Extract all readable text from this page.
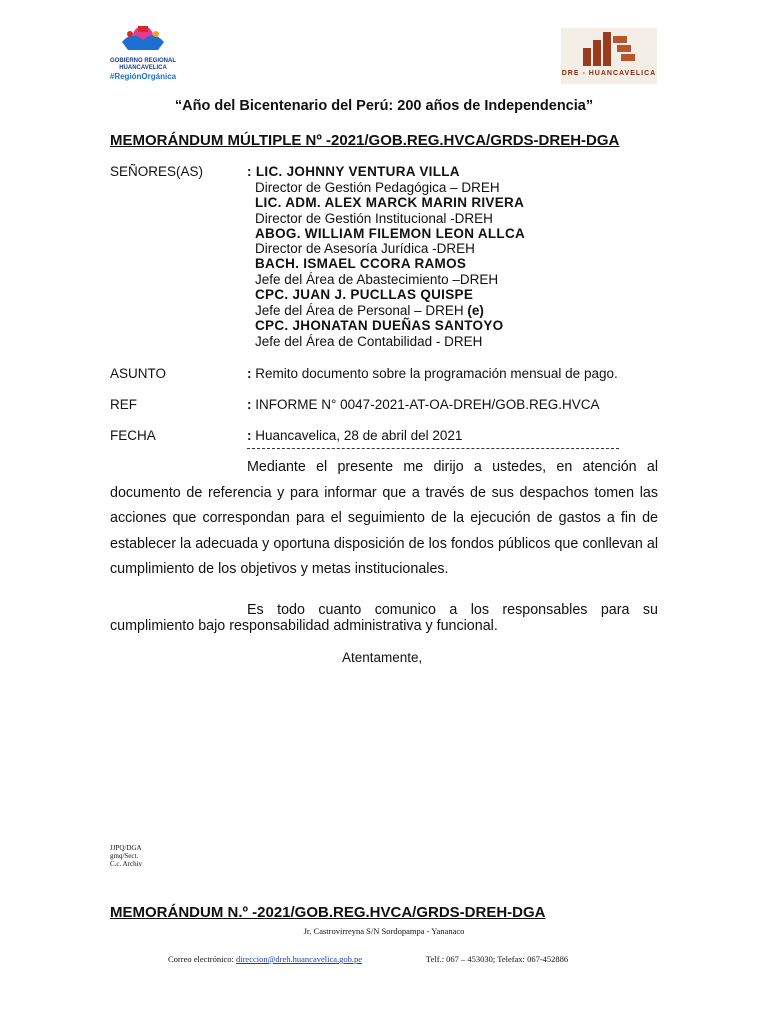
GOBIERNO REGIONAL HUANCAVELICA
#RegiónOrgánica	DRE - HUANCAVELICA
“Año del Bicentenario del Perú: 200 años de Independencia”
MEMORÁNDUM MÚLTIPLE Nº -2021/GOB.REG.HVCA/GRDS-DREH-DGA
SEÑORES(AS)	: LIC. JOHNNY VENTURA VILLA
Director de Gestión Pedagógica – DREH
LIC. ADM. ALEX MARCK MARIN RIVERA
Director de Gestión Institucional -DREH
ABOG. WILLIAM FILEMON LEON ALLCA
Director de Asesoría Jurídica -DREH
BACH. ISMAEL CCORA RAMOS
Jefe del Área de Abastecimiento –DREH
CPC. JUAN J. PUCLLAS QUISPE
Jefe del Área de Personal – DREH (e)
CPC. JHONATAN DUEÑAS SANTOYO
Jefe del Área de Contabilidad - DREH
ASUNTO	: Remito documento sobre la programación mensual de pago.
REF	: INFORME N° 0047-2021-AT-OA-DREH/GOB.REG.HVCA
FECHA	: Huancavelica, 28 de abril del 2021
Mediante el presente me dirijo a ustedes, en atención al documento de referencia y para informar que a través de sus despachos tomen las acciones que correspondan para el seguimiento de la ejecución de gastos a fin de establecer la adecuada y oportuna disposición de los fondos públicos que conllevan al cumplimiento de los objetivos y metas institucionales.
Es todo cuanto comunico a los responsables para su cumplimiento bajo responsabilidad administrativa y funcional.
Atentamente,
JJPQ/DGA
gmq/Sect.
C.c. Archiv
MEMORÁNDUM N.º -2021/GOB.REG.HVCA/GRDS-DREH-DGA
Jr. Castrovirreyna S/N Sordopampa - Yananaco
Correo electrónico: direccion@dreh.huancavelica.gob.pe	Telf.: 067 – 453030; Telefax: 067-452886
